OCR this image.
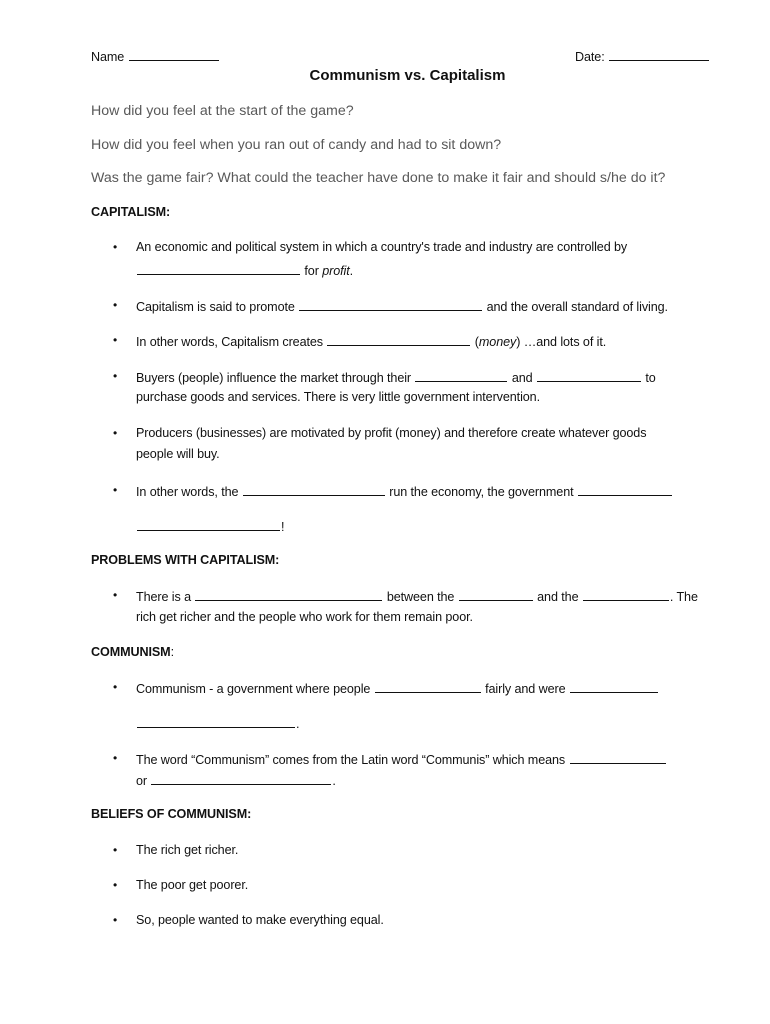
Name	Date:
Communism vs. Capitalism
How did you feel at the start of the game?
How did you feel when you ran out of candy and had to sit down?
Was the game fair? What could the teacher have done to make it fair and should s/he do it?
CAPITALISM:
• An economic and political system in which a country's trade and industry are controlled by
for profit.
• Capitalism is said to promote	and the overall standard of living.
• In other words, Capitalism creates	(money) …and lots of it.
• Buyers (people) influence the market through their	and	to
purchase goods and services. There is very little government intervention.
• Producers (businesses) are motivated by profit (money) and therefore create whatever goods
people will buy.
• In other words, the	run the economy, the government
!
PROBLEMS WITH CAPITALISM:
• There is a	between the	and the	. The
rich get richer and the people who work for them remain poor.
COMMUNISM:
• Communism - a government where people	fairly and were
.
• The word “Communism” comes from the Latin word “Communis” which means
or	.
BELIEFS OF COMMUNISM:
• The rich get richer.
• The poor get poorer.
• So, people wanted to make everything equal.
